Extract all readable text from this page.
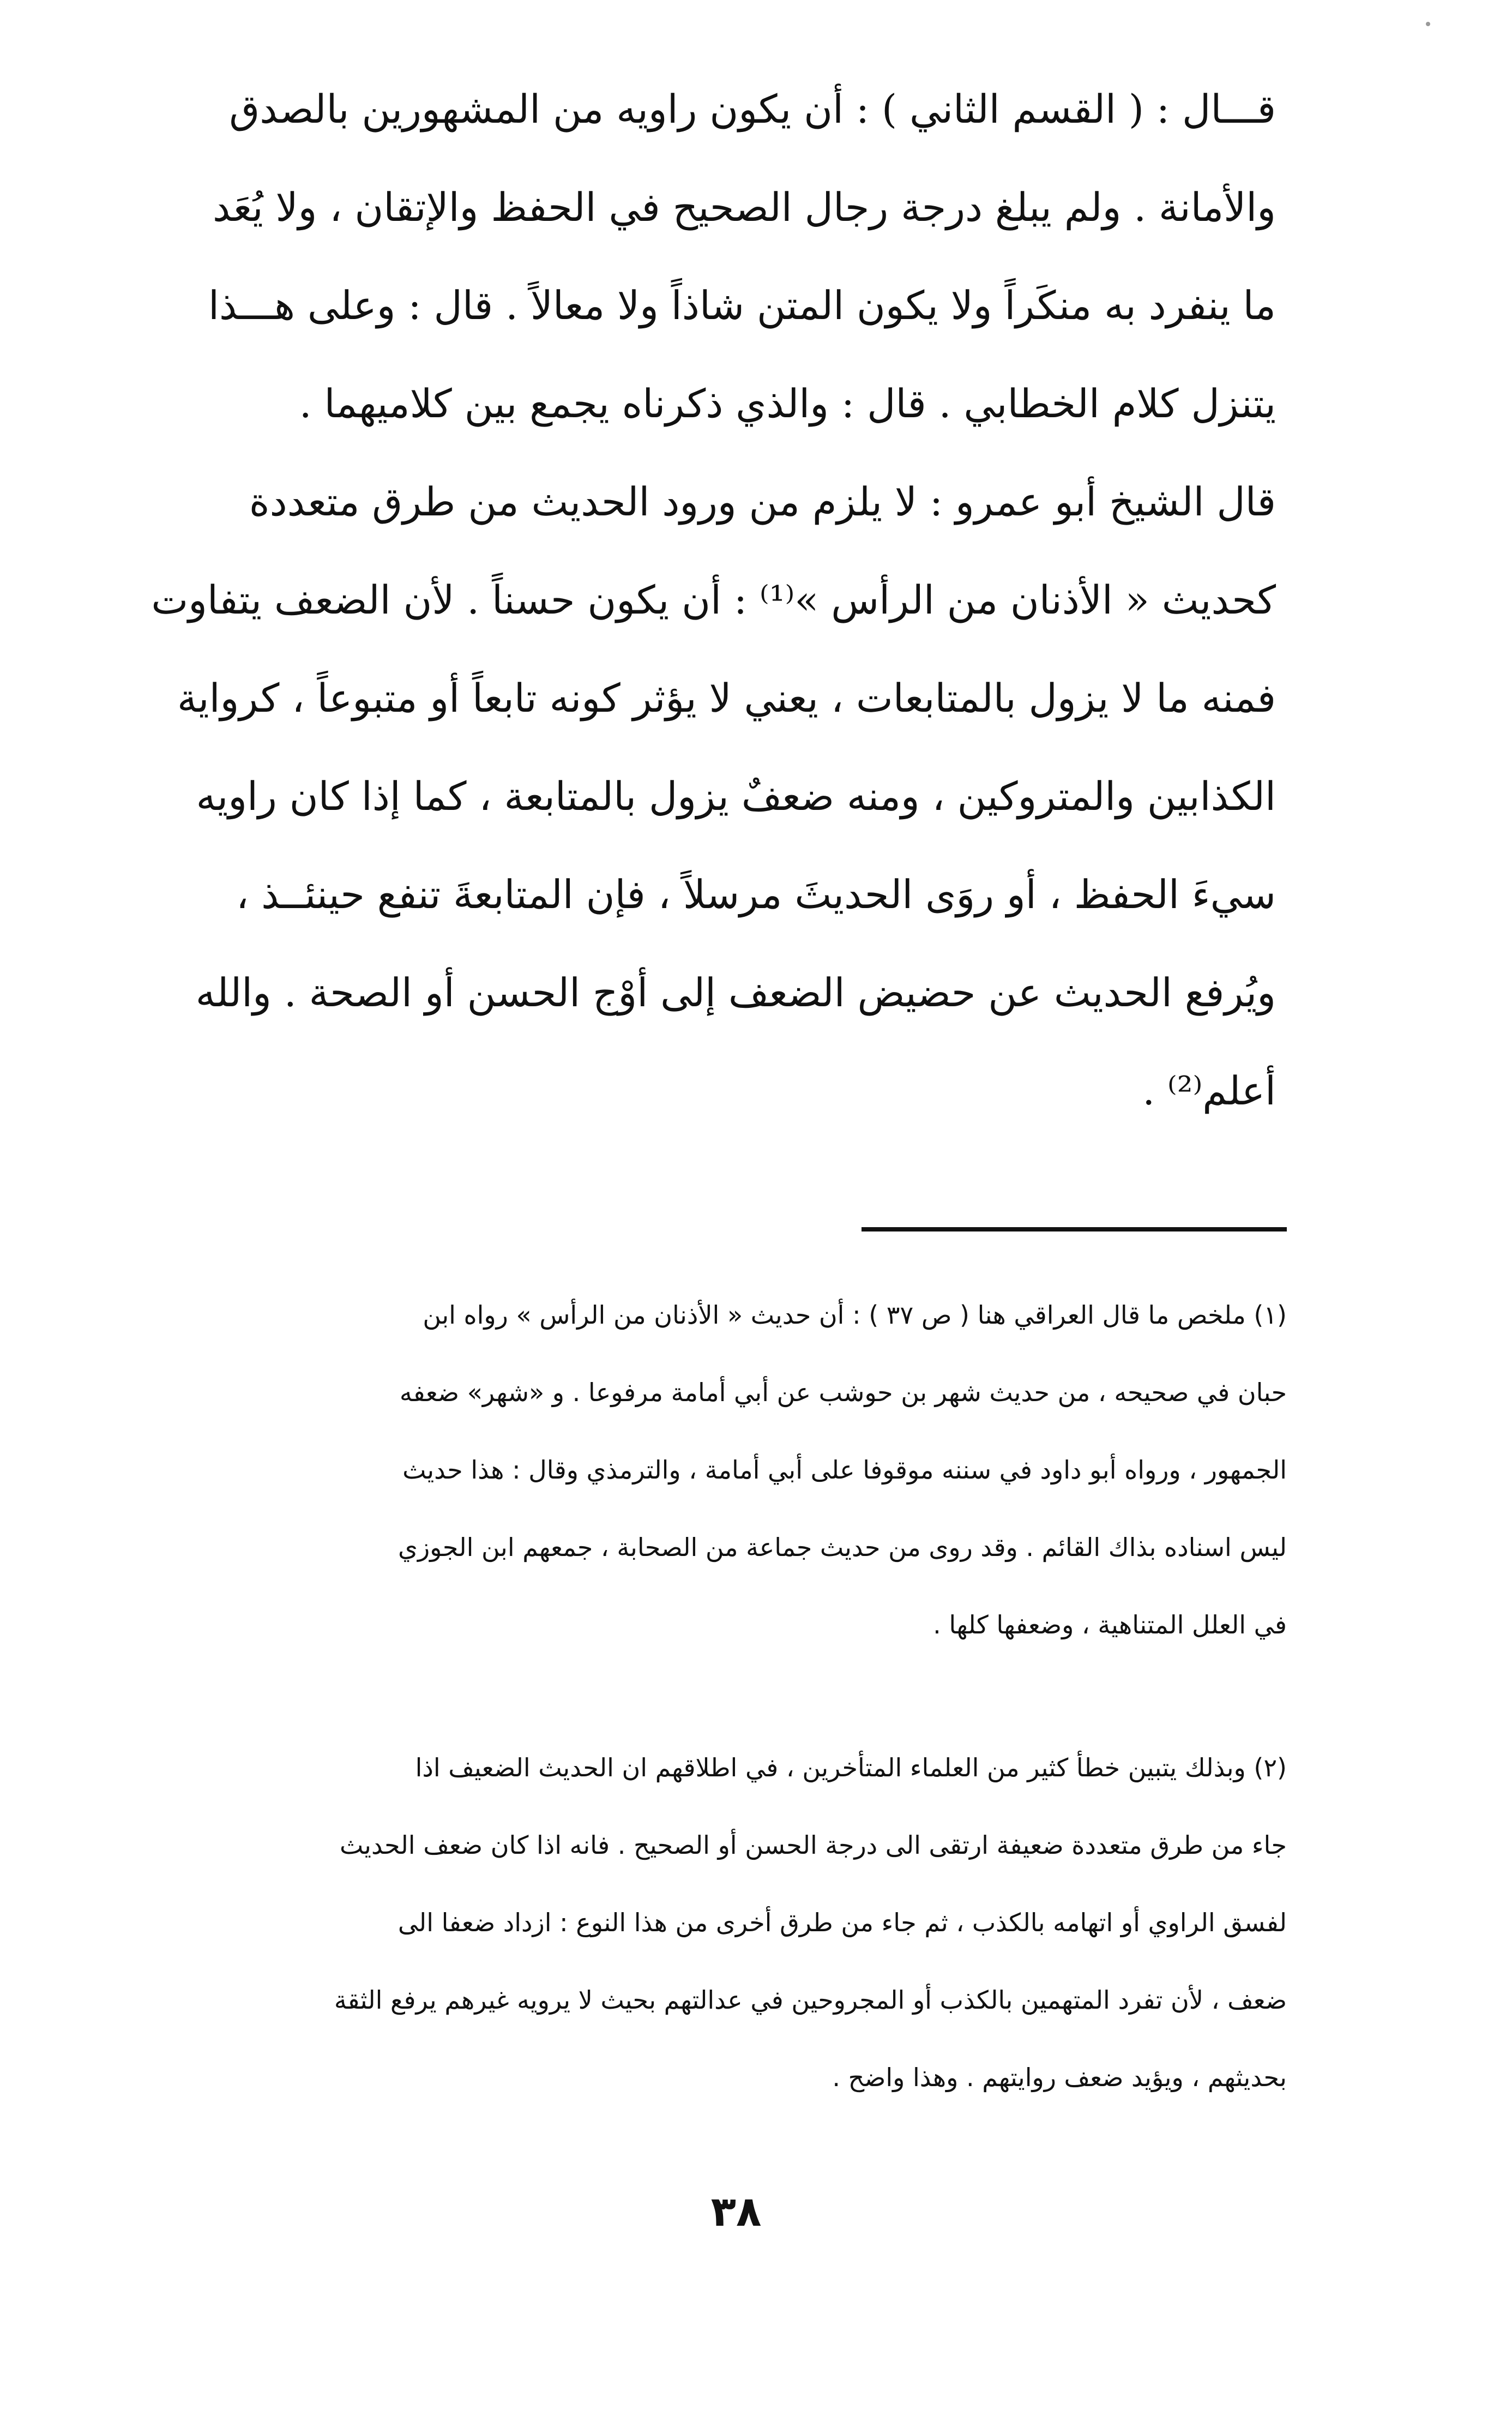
قـــال : ( القسم الثاني ) : أن يكون راويه من المشهورين بالصدق
والأمانة . ولم يبلغ درجة رجال الصحيح في الحفظ والإتقان ، ولا يُعَد
ما ينفرد به منكَراً ولا يكون المتن شاذاً ولا معالاً . قال : وعلى هـــذا
يتنزل كلام الخطابي . قال : والذي ذكرناه يجمع بين كلاميهما .

قال الشيخ أبو عمرو : لا يلزم من ورود الحديث من طرق متعددة
كحديث « الأذنان من الرأس »⁽¹⁾ : أن يكون حسناً . لأن الضعف يتفاوت
فمنه ما لا يزول بالمتابعات ، يعني لا يؤثر كونه تابعاً أو متبوعاً ، كرواية
الكذابين والمتروكين ، ومنه ضعفٌ يزول بالمتابعة ، كما إذا كان راويه
سيءَ الحفظ ، أو روَى الحديثَ مرسلاً ، فإن المتابعةَ تنفع حينئــذ ،
ويُرفع الحديث عن حضيض الضعف إلى أوْج الحسن أو الصحة . والله
أعلم⁽²⁾ .

(١) ملخص ما قال العراقي هنا ( ص ٣٧ ) : أن حديث « الأذنان من الرأس » رواه ابن
حبان في صحيحه ، من حديث شهر بن حوشب عن أبي أمامة مرفوعا . و «شهر» ضعفه
الجمهور ، ورواه أبو داود في سننه موقوفا على أبي أمامة ، والترمذي وقال : هذا حديث
ليس اسناده بذاك القائم . وقد روى من حديث جماعة من الصحابة ، جمعهم ابن الجوزي
في العلل المتناهية ، وضعفها كلها .

(٢) وبذلك يتبين خطأ كثير من العلماء المتأخرين ، في اطلاقهم ان الحديث الضعيف اذا
جاء من طرق متعددة ضعيفة ارتقى الى درجة الحسن أو الصحيح . فانه اذا كان ضعف الحديث
لفسق الراوي أو اتهامه بالكذب ، ثم جاء من طرق أخرى من هذا النوع : ازداد ضعفا الى
ضعف ، لأن تفرد المتهمين بالكذب أو المجروحين في عدالتهم بحيث لا يرويه غيرهم يرفع الثقة
بحديثهم ، ويؤيد ضعف روايتهم . وهذا واضح .

٣٨
